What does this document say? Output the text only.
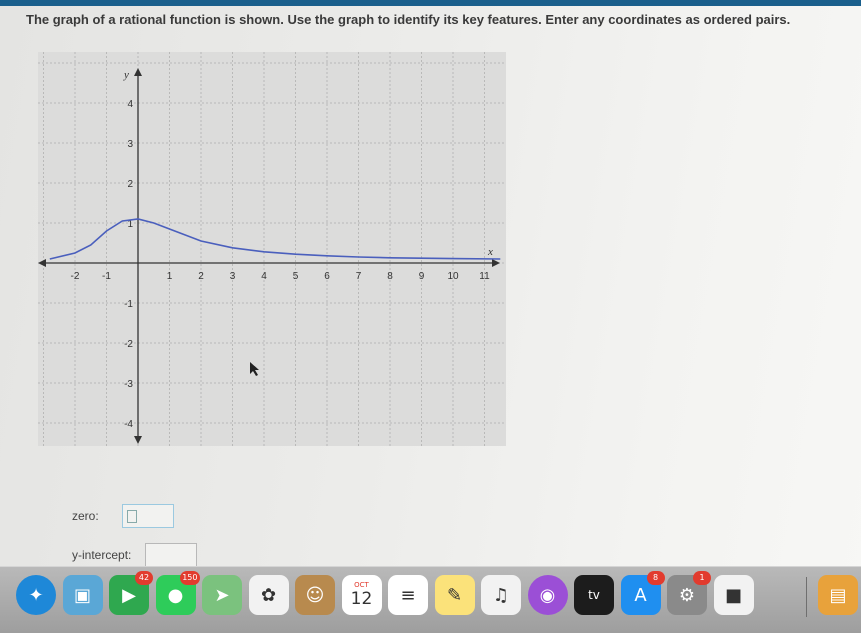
The graph of a rational function is shown. Use the graph to identify its key features. Enter any coordinates as ordered pairs.
x
y
-2 -1	1	2	3	4	5	6	7	8	9 10 11
4
3
2
1
-1
-2
-3
-4
zero:
y-intercept:
✦ ▣ ▶
42
●
150
➤ ✿ ☺	OCT
12 ≡ ✎ ♫ ◉	tv A
8
⚙
1
■	▤
